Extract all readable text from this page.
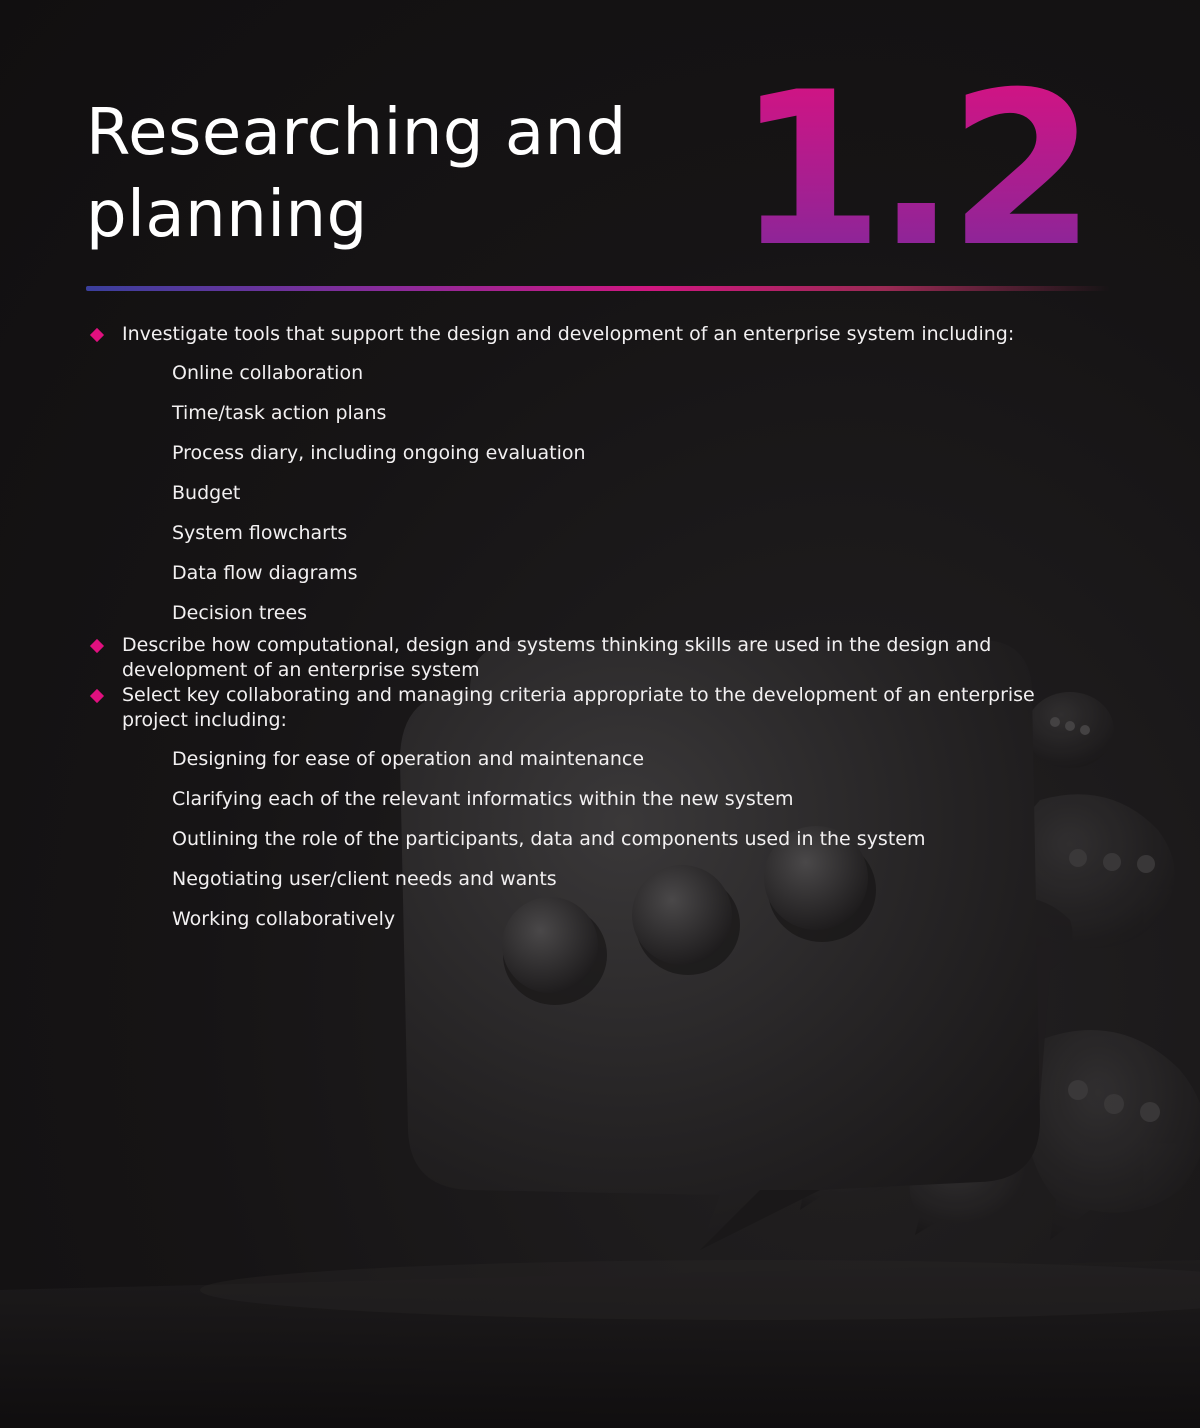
Researching and planning	1.2
Investigate tools that support the design and development of an enterprise system including:
Online collaboration
Time/task action plans
Process diary, including ongoing evaluation
Budget
System flowcharts
Data flow diagrams
Decision trees
Describe how computational, design and systems thinking skills are used in the design and development of an enterprise system
Select key collaborating and managing criteria appropriate to the development of an enterprise project including:
Designing for ease of operation and maintenance
Clarifying each of the relevant informatics within the new system
Outlining the role of the participants, data and components used in the system
Negotiating user/client needs and wants
Working collaboratively
